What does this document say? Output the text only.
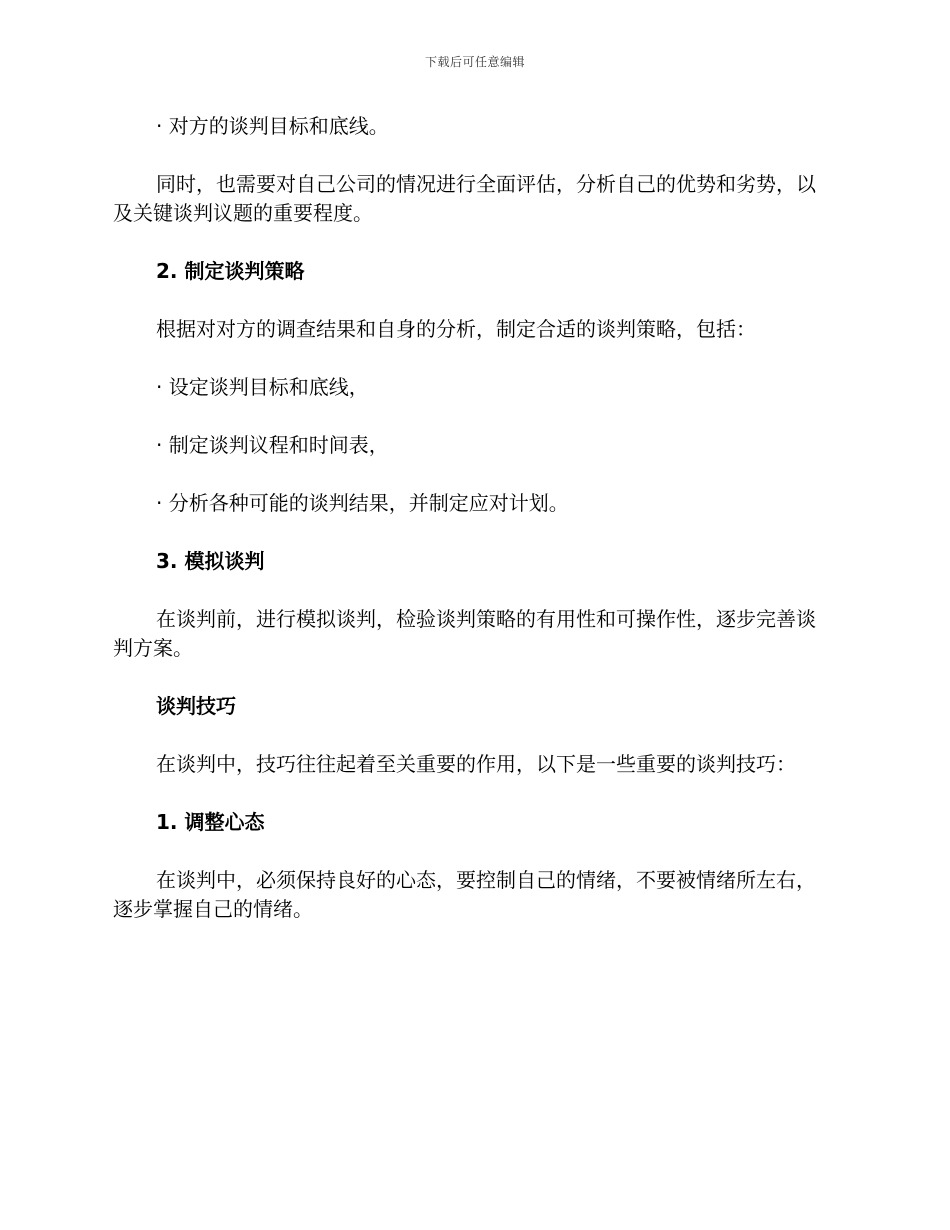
下载后可任意编辑

· 对方的谈判目标和底线。

同时，也需要对自己公司的情况进行全面评估，分析自己的优势和劣势，以及关键谈判议题的重要程度。

2. 制定谈判策略

根据对对方的调查结果和自身的分析，制定合适的谈判策略，包括：

· 设定谈判目标和底线，

· 制定谈判议程和时间表，

· 分析各种可能的谈判结果，并制定应对计划。

3. 模拟谈判

在谈判前，进行模拟谈判，检验谈判策略的有用性和可操作性，逐步完善谈判方案。

谈判技巧

在谈判中，技巧往往起着至关重要的作用，以下是一些重要的谈判技巧：

1. 调整心态

在谈判中，必须保持良好的心态，要控制自己的情绪，不要被情绪所左右，逐步掌握自己的情绪。
